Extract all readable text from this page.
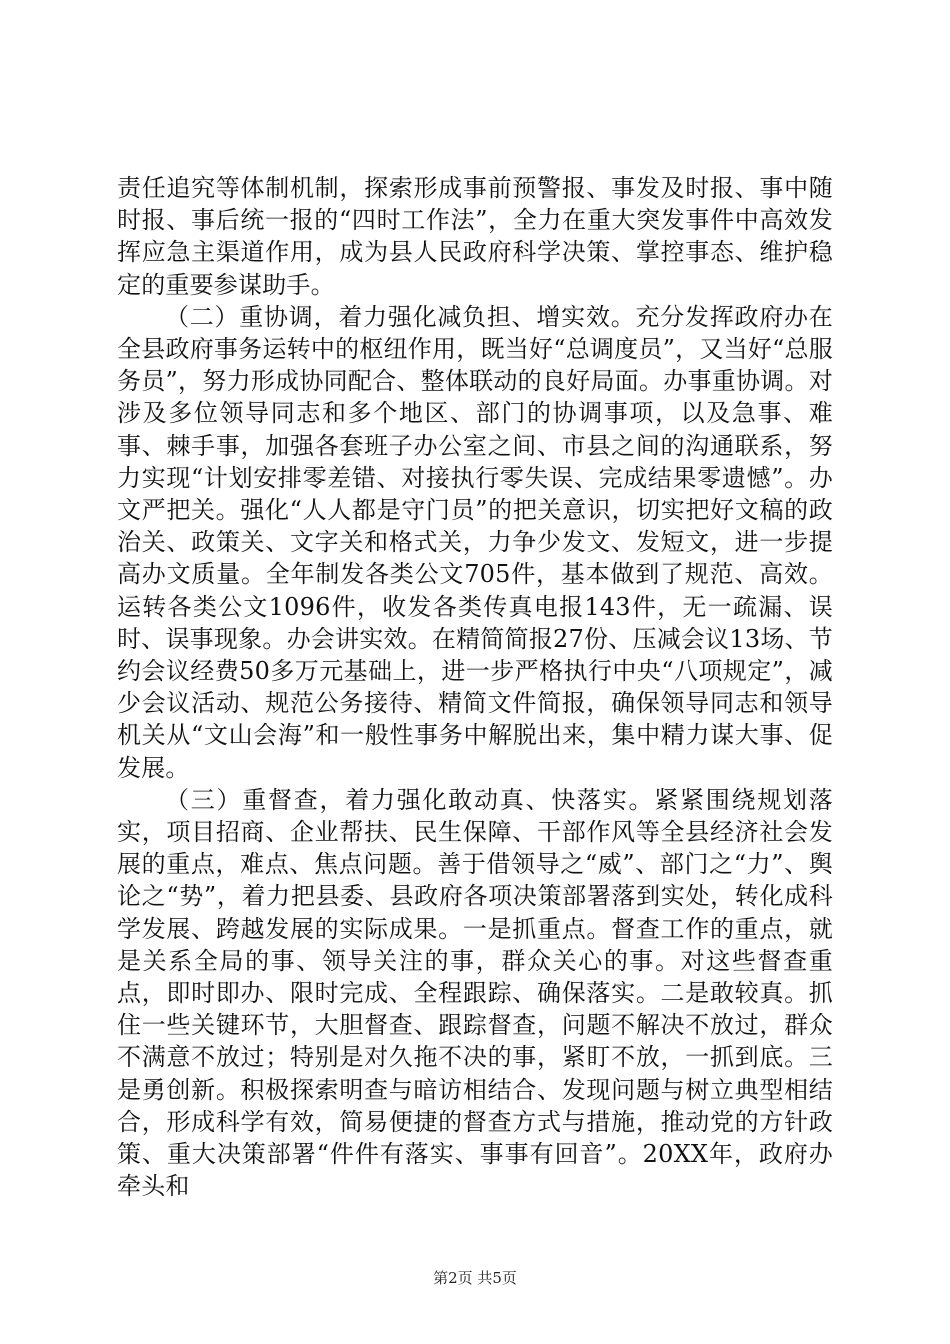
责任追究等体制机制，探索形成事前预警报、事发及时报、事中随时报、事后统一报的“四时工作法”，全力在重大突发事件中高效发挥应急主渠道作用，成为县人民政府科学决策、掌控事态、维护稳定的重要参谋助手。

（二）重协调，着力强化减负担、增实效。充分发挥政府办在全县政府事务运转中的枢纽作用，既当好“总调度员”，又当好“总服务员”，努力形成协同配合、整体联动的良好局面。办事重协调。对涉及多位领导同志和多个地区、部门的协调事项，以及急事、难事、棘手事，加强各套班子办公室之间、市县之间的沟通联系，努力实现“计划安排零差错、对接执行零失误、完成结果零遗憾”。办文严把关。强化“人人都是守门员”的把关意识，切实把好文稿的政治关、政策关、文字关和格式关，力争少发文、发短文，进一步提高办文质量。全年制发各类公文705件，基本做到了规范、高效。运转各类公文1096件，收发各类传真电报143件，无一疏漏、误时、误事现象。办会讲实效。在精简简报27份、压减会议13场、节约会议经费50多万元基础上，进一步严格执行中央“八项规定”，减少会议活动、规范公务接待、精简文件简报，确保领导同志和领导机关从“文山会海”和一般性事务中解脱出来，集中精力谋大事、促发展。

（三）重督查，着力强化敢动真、快落实。紧紧围绕规划落实，项目招商、企业帮扶、民生保障、干部作风等全县经济社会发展的重点，难点、焦点问题。善于借领导之“威”、部门之“力”、舆论之“势”，着力把县委、县政府各项决策部署落到实处，转化成科学发展、跨越发展的实际成果。一是抓重点。督查工作的重点，就是关系全局的事、领导关注的事，群众关心的事。对这些督查重点，即时即办、限时完成、全程跟踪、确保落实。二是敢较真。抓住一些关键环节，大胆督查、跟踪督查，问题不解决不放过，群众不满意不放过；特别是对久拖不决的事，紧盯不放，一抓到底。三是勇创新。积极探索明查与暗访相结合、发现问题与树立典型相结合，形成科学有效，简易便捷的督查方式与措施，推动党的方针政策、重大决策部署“件件有落实、事事有回音”。20XX年，政府办牵头和

第2页 共5页
